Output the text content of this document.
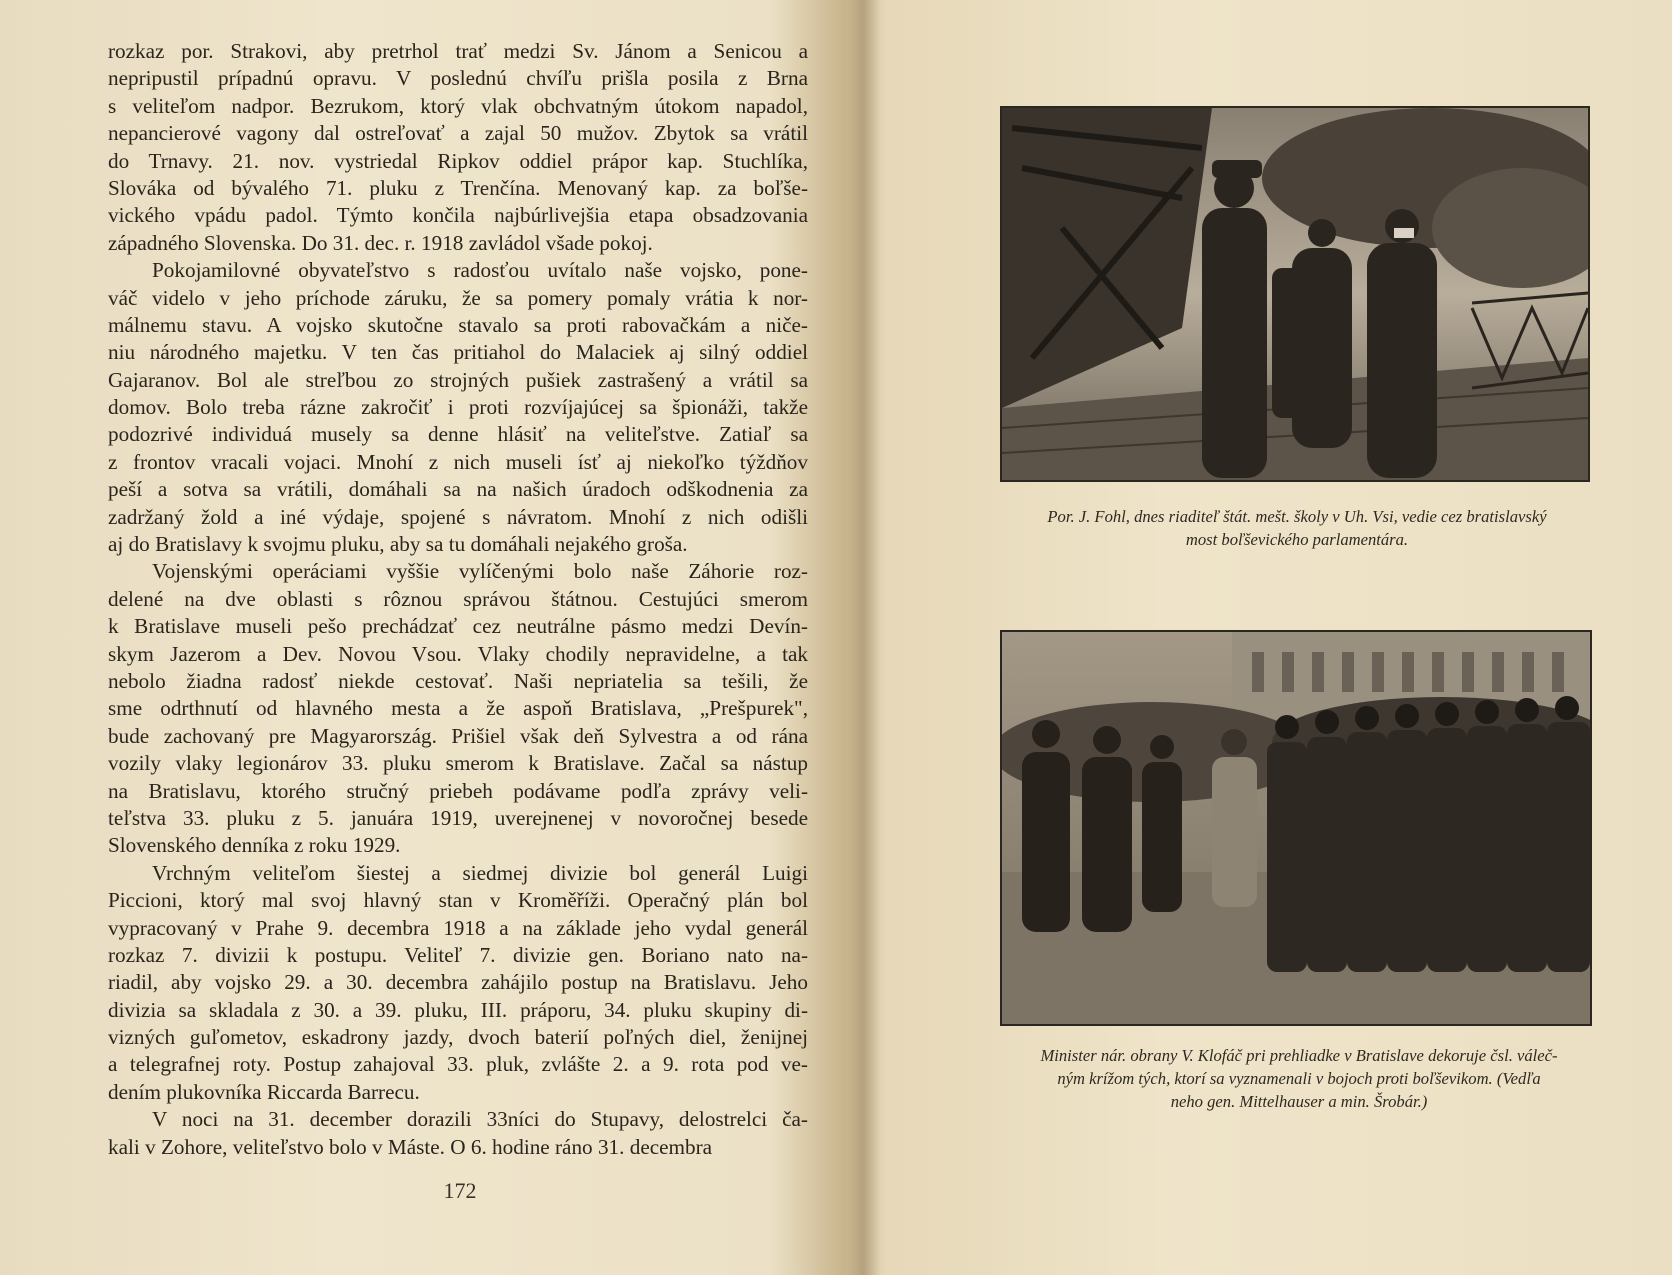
rozkaz por. Strakovi, aby pretrhol trať medzi Sv. Jánom a Senicou a
nepripustil prípadnú opravu. V poslednú chvíľu prišla posila z Brna
s veliteľom nadpor. Bezrukom, ktorý vlak obchvatným útokom napadol,
nepancierové vagony dal ostreľovať a zajal 50 mužov. Zbytok sa vrátil
do Trnavy. 21. nov. vystriedal Ripkov oddiel prápor kap. Stuchlíka,
Slováka od bývalého 71. pluku z Trenčína. Menovaný kap. za boľše-
vického vpádu padol. Týmto končila najbúrlivejšia etapa obsadzovania
západného Slovenska. Do 31. dec. r. 1918 zavládol všade pokoj.
Pokojamilovné obyvateľstvo s radosťou uvítalo naše vojsko, pone-
váč videlo v jeho príchode záruku, že sa pomery pomaly vrátia k nor-
málnemu stavu. A vojsko skutočne stavalo sa proti rabovačkám a niče-
niu národného majetku. V ten čas pritiahol do Malaciek aj silný oddiel
Gajaranov. Bol ale streľbou zo strojných pušiek zastrašený a vrátil sa
domov. Bolo treba rázne zakročiť i proti rozvíjajúcej sa špionáži, takže
podozrivé individuá musely sa denne hlásiť na veliteľstve. Zatiaľ sa
z frontov vracali vojaci. Mnohí z nich museli ísť aj niekoľko týždňov
peší a sotva sa vrátili, domáhali sa na našich úradoch odškodnenia za
zadržaný žold a iné výdaje, spojené s návratom. Mnohí z nich odišli
aj do Bratislavy k svojmu pluku, aby sa tu domáhali nejakého groša.
Vojenskými operáciami vyššie vylíčenými bolo naše Záhorie roz-
delené na dve oblasti s rôznou správou štátnou. Cestujúci smerom
k Bratislave museli pešo prechádzať cez neutrálne pásmo medzi Devín-
skym Jazerom a Dev. Novou Vsou. Vlaky chodily nepravidelne, a tak
nebolo žiadna radosť niekde cestovať. Naši nepriatelia sa tešili, že
sme odrthnutí od hlavného mesta a že aspoň Bratislava, „Prešpurek",
bude zachovaný pre Magyarország. Prišiel však deň Sylvestra a od rána
vozily vlaky legionárov 33. pluku smerom k Bratislave. Začal sa nástup
na Bratislavu, ktorého stručný priebeh podávame podľa zprávy veli-
teľstva 33. pluku z 5. januára 1919, uverejnenej v novoročnej besede
Slovenského denníka z roku 1929.
Vrchným veliteľom šiestej a siedmej divizie bol generál Luigi
Piccioni, ktorý mal svoj hlavný stan v Kroměříži. Operačný plán bol
vypracovaný v Prahe 9. decembra 1918 a na základe jeho vydal generál
rozkaz 7. divizii k postupu. Veliteľ 7. divizie gen. Boriano nato na-
riadil, aby vojsko 29. a 30. decembra zahájilo postup na Bratislavu. Jeho
divizia sa skladala z 30. a 39. pluku, III. práporu, 34. pluku skupiny di-
vizných guľometov, eskadrony jazdy, dvoch baterií poľných diel, ženijnej
a telegrafnej roty. Postup zahajoval 33. pluk, zvlášte 2. a 9. rota pod ve-
dením plukovníka Riccarda Barrecu.
V noci na 31. december dorazili 33níci do Stupavy, delostrelci ča-
kali v Zohore, veliteľstvo bolo v Máste. O 6. hodine ráno 31. decembra
172
Por. J. Fohl, dnes riaditeľ štát. mešt. školy v Uh. Vsi, vedie cez bratislavský
most boľševického parlamentára.
Minister nár. obrany V. Klofáč pri prehliadke v Bratislave dekoruje čsl. váleč-
ným krížom tých, ktorí sa vyznamenali v bojoch proti boľševikom. (Vedľa
neho gen. Mittelhauser a min. Šrobár.)
